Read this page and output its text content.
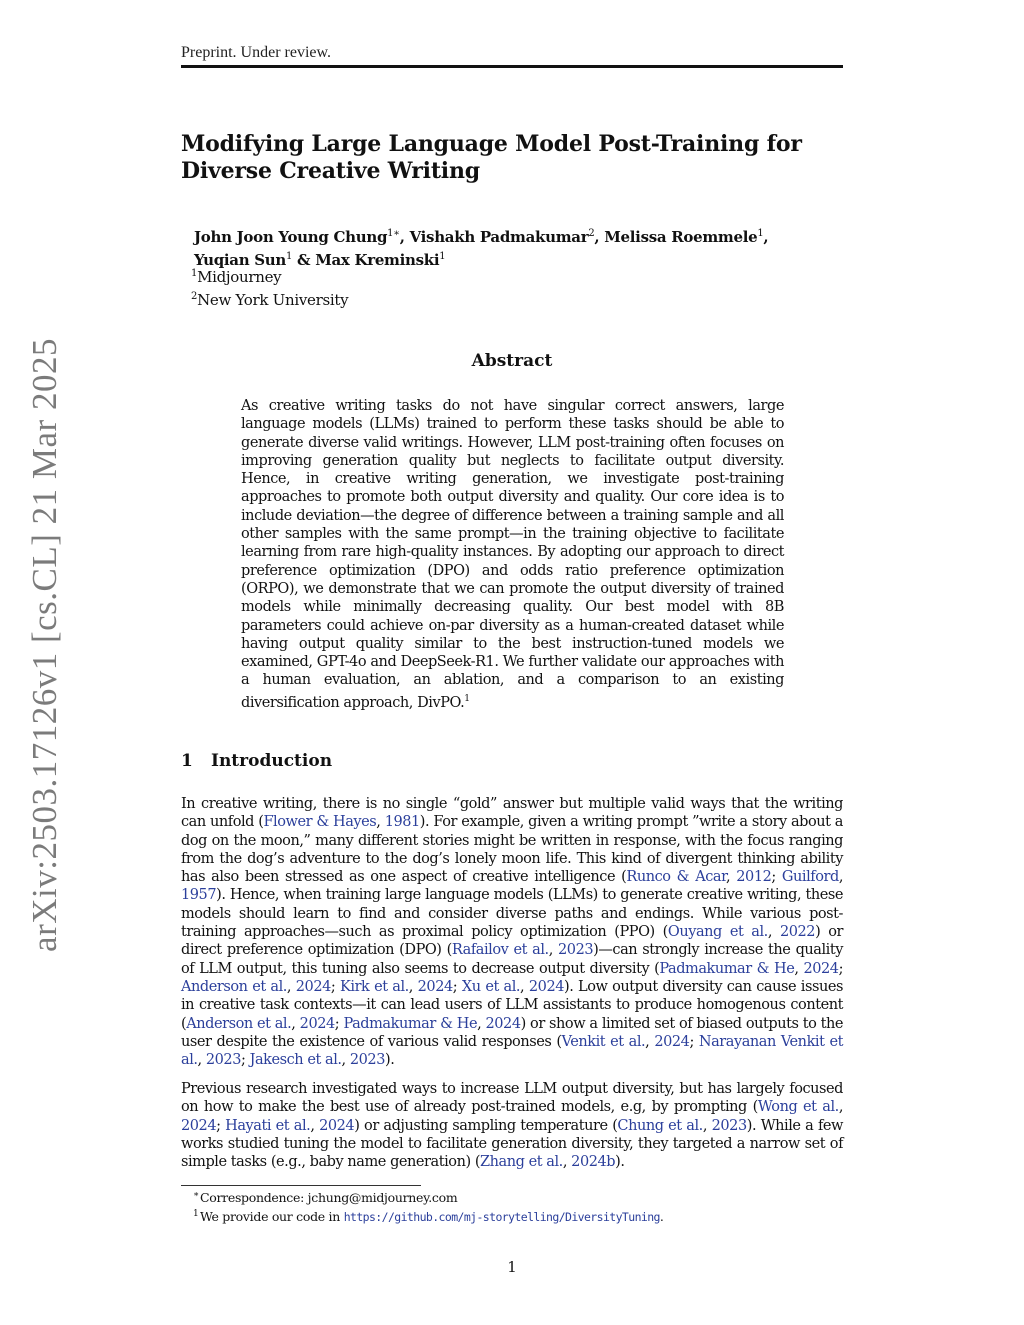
arXiv:2503.17126v1 [cs.CL] 21 Mar 2025
Preprint. Under review.
Modifying Large Language Model Post-Training for Diverse Creative Writing
John Joon Young Chung$^{1∗}$, Vishakh Padmakumar$^2$, Melissa Roemmele$^1$,
Yuqian Sun$^1$ & Max Kreminski$^1$
$^1$Midjourney
$^2$New York University
Abstract

As creative writing tasks do not have singular correct answers, large language models (LLMs) trained to perform these tasks should be able to generate diverse valid writings. However, LLM post-training often focuses on improving generation quality but neglects to facilitate output diversity. Hence, in creative writing generation, we investigate post-training approaches to promote both output diversity and quality. Our core idea is to include deviation—the degree of difference between a training sample and all other samples with the same prompt—in the training objective to facilitate learning from rare high-quality instances. By adopting our approach to direct preference optimization (DPO) and odds ratio preference optimization (ORPO), we demonstrate that we can promote the output diversity of trained models while minimally decreasing quality. Our best model with 8B parameters could achieve on-par diversity as a human-created dataset while having output quality similar to the best instruction-tuned models we examined, GPT-4o and DeepSeek-R1. We further validate our approaches with a human evaluation, an ablation, and a comparison to an existing diversification approach, DivPO.$^1$

1 Introduction

In creative writing, there is no single “gold” answer but multiple valid ways that the writing can unfold (Flower & Hayes, 1981). For example, given a writing prompt ”write a story about a dog on the moon,” many different stories might be written in response, with the focus ranging from the dog’s adventure to the dog’s lonely moon life. This kind of divergent thinking ability has also been stressed as one aspect of creative intelligence (Runco & Acar, 2012; Guilford, 1957). Hence, when training large language models (LLMs) to generate creative writing, these models should learn to find and consider diverse paths and endings. While various post-training approaches—such as proximal policy optimization (PPO) (Ouyang et al., 2022) or direct preference optimization (DPO) (Rafailov et al., 2023)—can strongly increase the quality of LLM output, this tuning also seems to decrease output diversity (Padmakumar & He, 2024; Anderson et al., 2024; Kirk et al., 2024; Xu et al., 2024). Low output diversity can cause issues in creative task contexts—it can lead users of LLM assistants to produce homogenous content (Anderson et al., 2024; Padmakumar & He, 2024) or show a limited set of biased outputs to the user despite the existence of various valid responses (Venkit et al., 2024; Narayanan Venkit et al., 2023; Jakesch et al., 2023).

Previous research investigated ways to increase LLM output diversity, but has largely focused on how to make the best use of already post-trained models, e.g, by prompting (Wong et al., 2024; Hayati et al., 2024) or adjusting sampling temperature (Chung et al., 2023). While a few works studied tuning the model to facilitate generation diversity, they targeted a narrow set of simple tasks (e.g., baby name generation) (Zhang et al., 2024b).

∗ Correspondence: jchung@midjourney.com
1 We provide our code in https://github.com/mj-storytelling/DiversityTuning.
1
